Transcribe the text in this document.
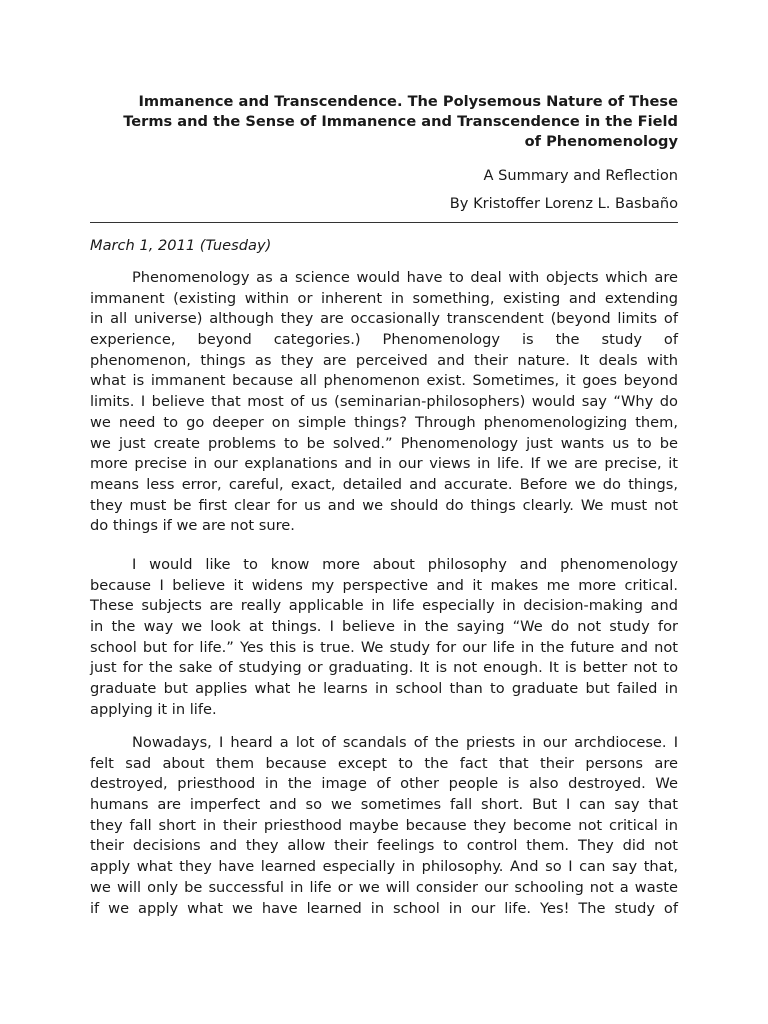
Immanence and Transcendence. The Polysemous Nature of These
Terms and the Sense of Immanence and Transcendence in the Field
of Phenomenology
A Summary and Reflection
By Kristoffer Lorenz L. Basbaño
March 1, 2011 (Tuesday)
Phenomenology as a science would have to deal with objects which are
immanent (existing within or inherent in something, existing and extending
in all universe) although they are occasionally transcendent (beyond limits of
experience, beyond categories.) Phenomenology is the study of
phenomenon, things as they are perceived and their nature. It deals with
what is immanent because all phenomenon exist. Sometimes, it goes beyond
limits. I believe that most of us (seminarian-philosophers) would say “Why do
we need to go deeper on simple things? Through phenomenologizing them,
we just create problems to be solved.” Phenomenology just wants us to be
more precise in our explanations and in our views in life. If we are precise, it
means less error, careful, exact, detailed and accurate. Before we do things,
they must be first clear for us and we should do things clearly. We must not
do things if we are not sure.
I would like to know more about philosophy and phenomenology
because I believe it widens my perspective and it makes me more critical.
These subjects are really applicable in life especially in decision-making and
in the way we look at things. I believe in the saying “We do not study for
school but for life.” Yes this is true. We study for our life in the future and not
just for the sake of studying or graduating. It is not enough. It is better not to
graduate but applies what he learns in school than to graduate but failed in
applying it in life.
Nowadays, I heard a lot of scandals of the priests in our archdiocese. I
felt sad about them because except to the fact that their persons are
destroyed, priesthood in the image of other people is also destroyed. We
humans are imperfect and so we sometimes fall short. But I can say that
they fall short in their priesthood maybe because they become not critical in
their decisions and they allow their feelings to control them. They did not
apply what they have learned especially in philosophy. And so I can say that,
we will only be successful in life or we will consider our schooling not a waste
if we apply what we have learned in school in our life. Yes! The study of
